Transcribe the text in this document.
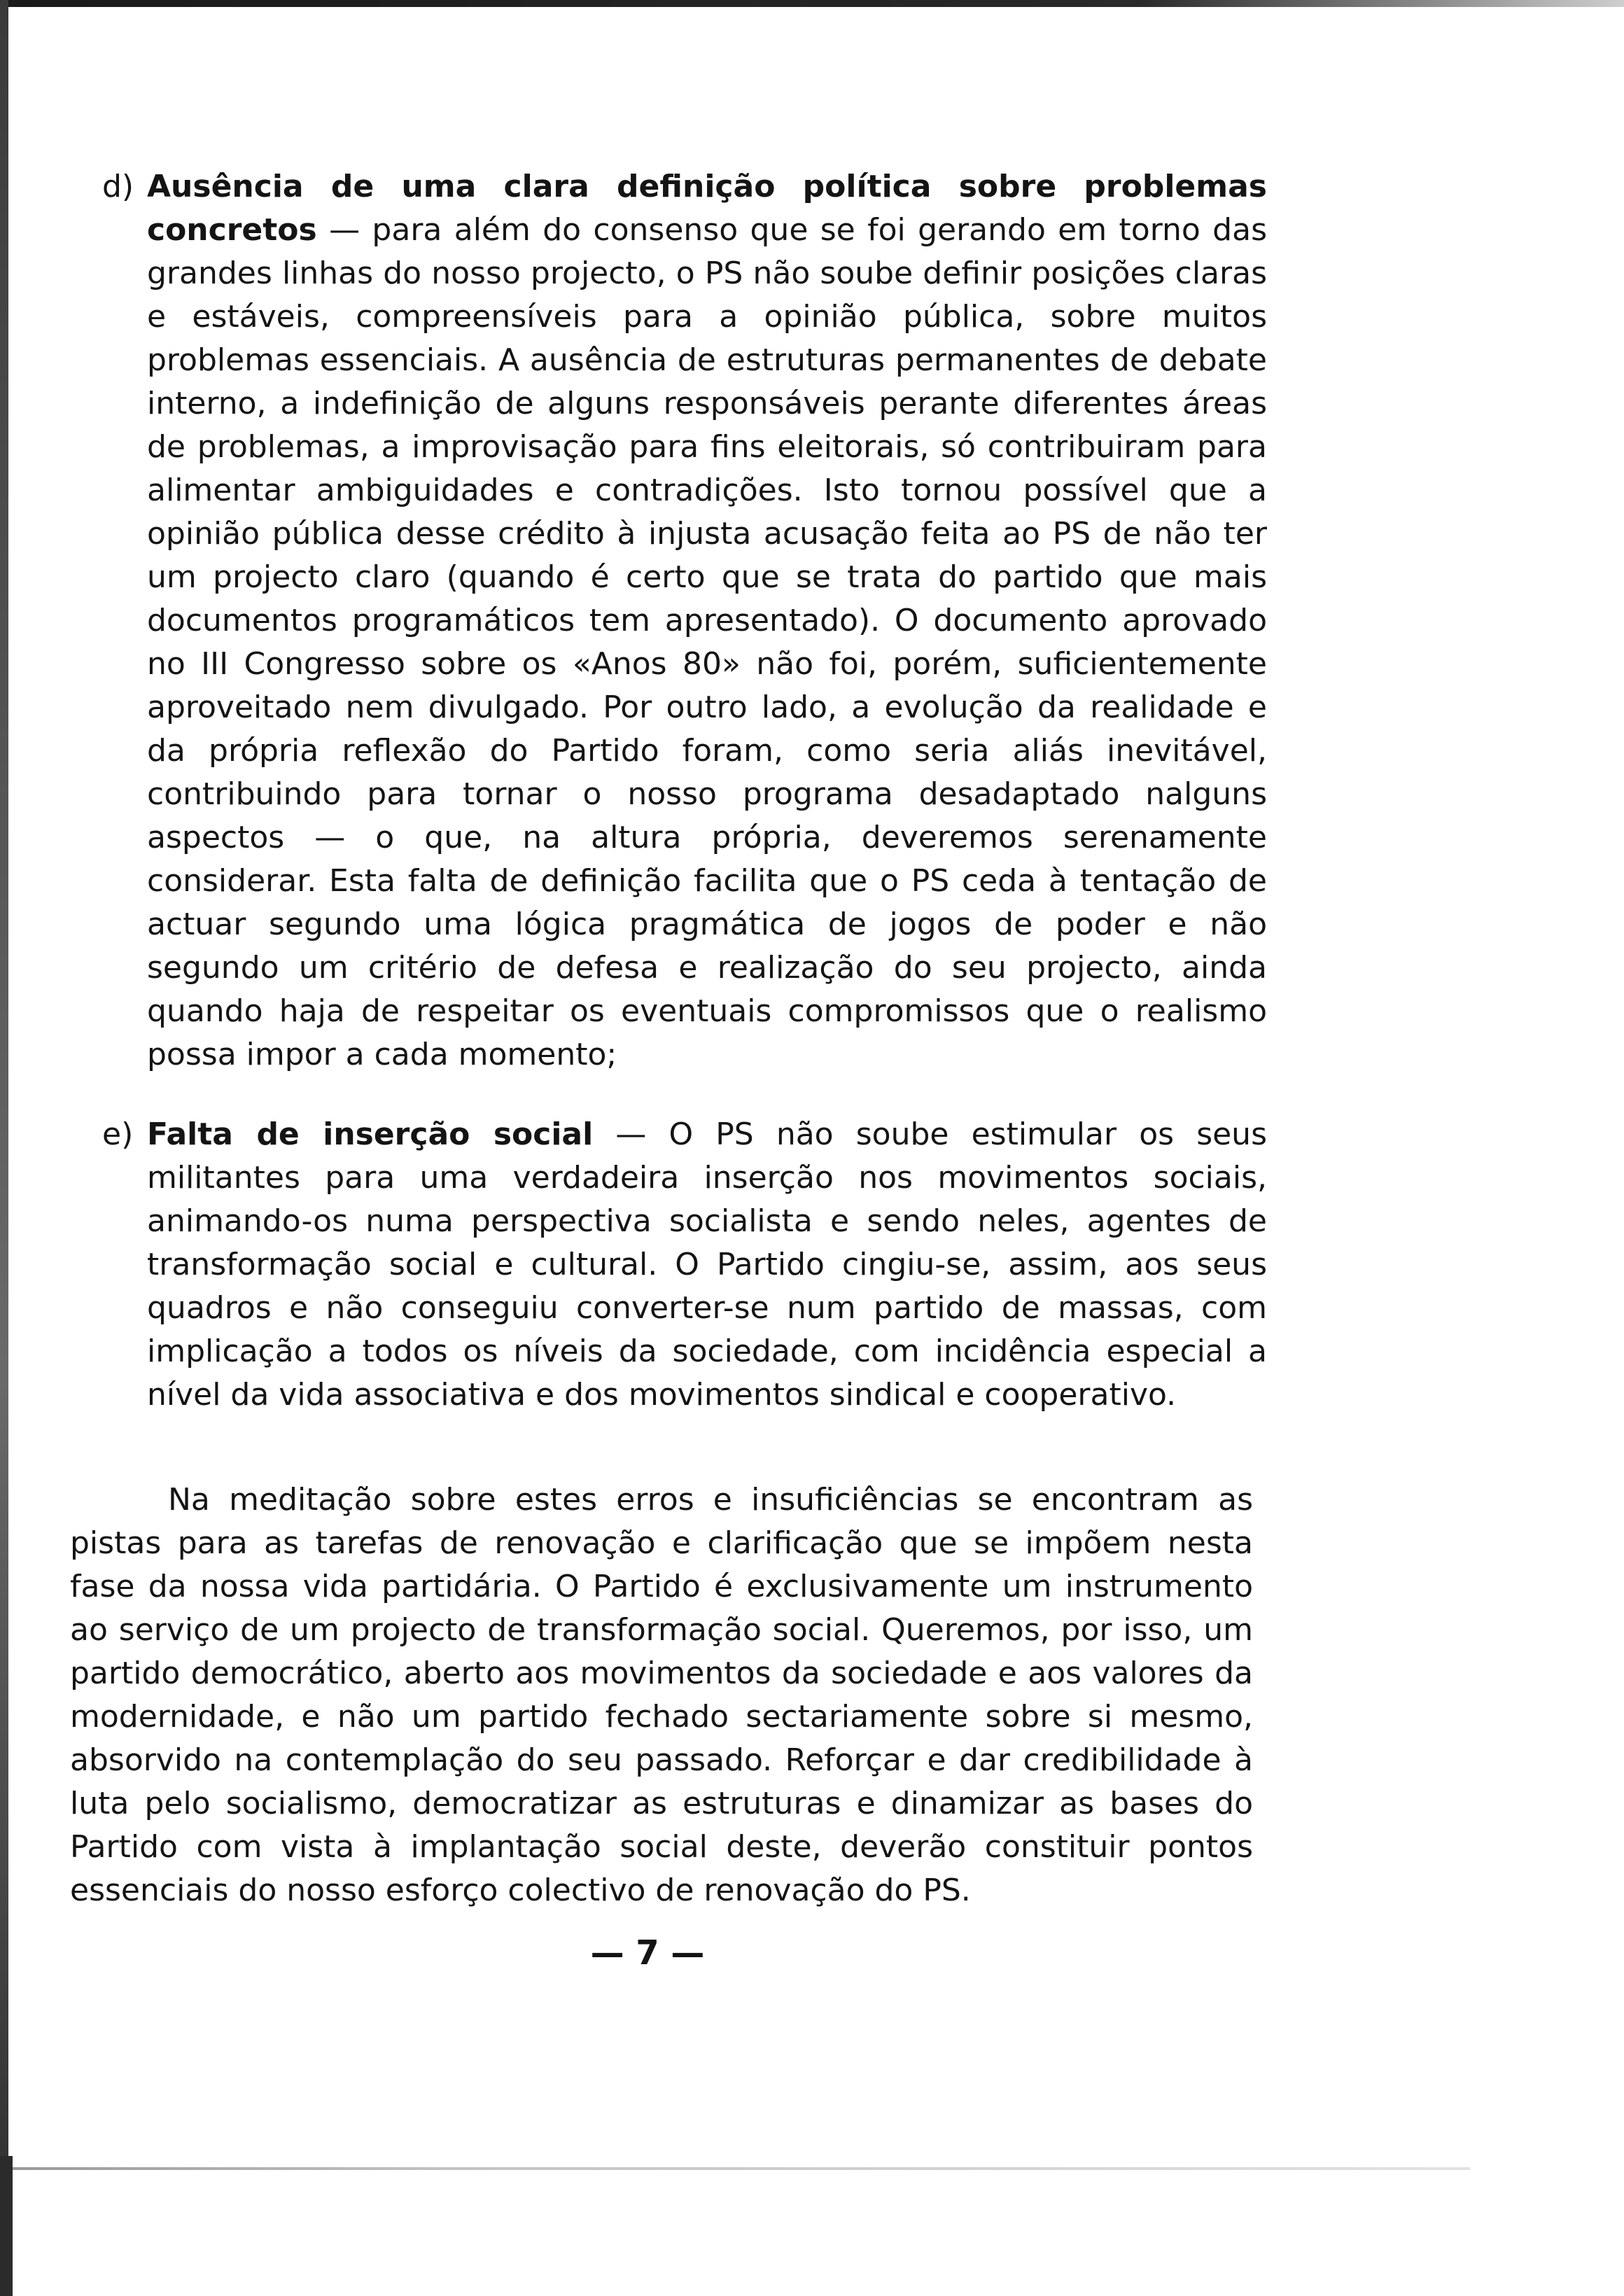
d) Ausência de uma clara definição política sobre problemas concretos — para além do consenso que se foi gerando em torno das grandes linhas do nosso projecto, o PS não soube definir posições claras e estáveis, compreensíveis para a opinião pública, sobre muitos problemas essenciais. A ausência de estruturas permanentes de debate interno, a indefinição de alguns responsáveis perante diferentes áreas de problemas, a improvisação para fins eleitorais, só contribuiram para alimentar ambiguidades e contradições. Isto tornou possível que a opinião pública desse crédito à injusta acusação feita ao PS de não ter um projecto claro (quando é certo que se trata do partido que mais documentos programáticos tem apresentado). O documento aprovado no III Congresso sobre os «Anos 80» não foi, porém, suficientemente aproveitado nem divulgado. Por outro lado, a evolução da realidade e da própria reflexão do Partido foram, como seria aliás inevitável, contribuindo para tornar o nosso programa desadaptado nalguns aspectos — o que, na altura própria, deveremos serenamente considerar. Esta falta de definição facilita que o PS ceda à tentação de actuar segundo uma lógica pragmática de jogos de poder e não segundo um critério de defesa e realização do seu projecto, ainda quando haja de respeitar os eventuais compromissos que o realismo possa impor a cada momento;

e) Falta de inserção social — O PS não soube estimular os seus militantes para uma verdadeira inserção nos movimentos sociais, animando-os numa perspectiva socialista e sendo neles, agentes de transformação social e cultural. O Partido cingiu-se, assim, aos seus quadros e não conseguiu converter-se num partido de massas, com implicação a todos os níveis da sociedade, com incidência especial a nível da vida associativa e dos movimentos sindical e cooperativo.

Na meditação sobre estes erros e insuficiências se encontram as pistas para as tarefas de renovação e clarificação que se impõem nesta fase da nossa vida partidária. O Partido é exclusivamente um instrumento ao serviço de um projecto de transformação social. Queremos, por isso, um partido democrático, aberto aos movimentos da sociedade e aos valores da modernidade, e não um partido fechado sectariamente sobre si mesmo, absorvido na contemplação do seu passado. Reforçar e dar credibilidade à luta pelo socialismo, democratizar as estruturas e dinamizar as bases do Partido com vista à implantação social deste, deverão constituir pontos essenciais do nosso esforço colectivo de renovação do PS.

— 7 —
